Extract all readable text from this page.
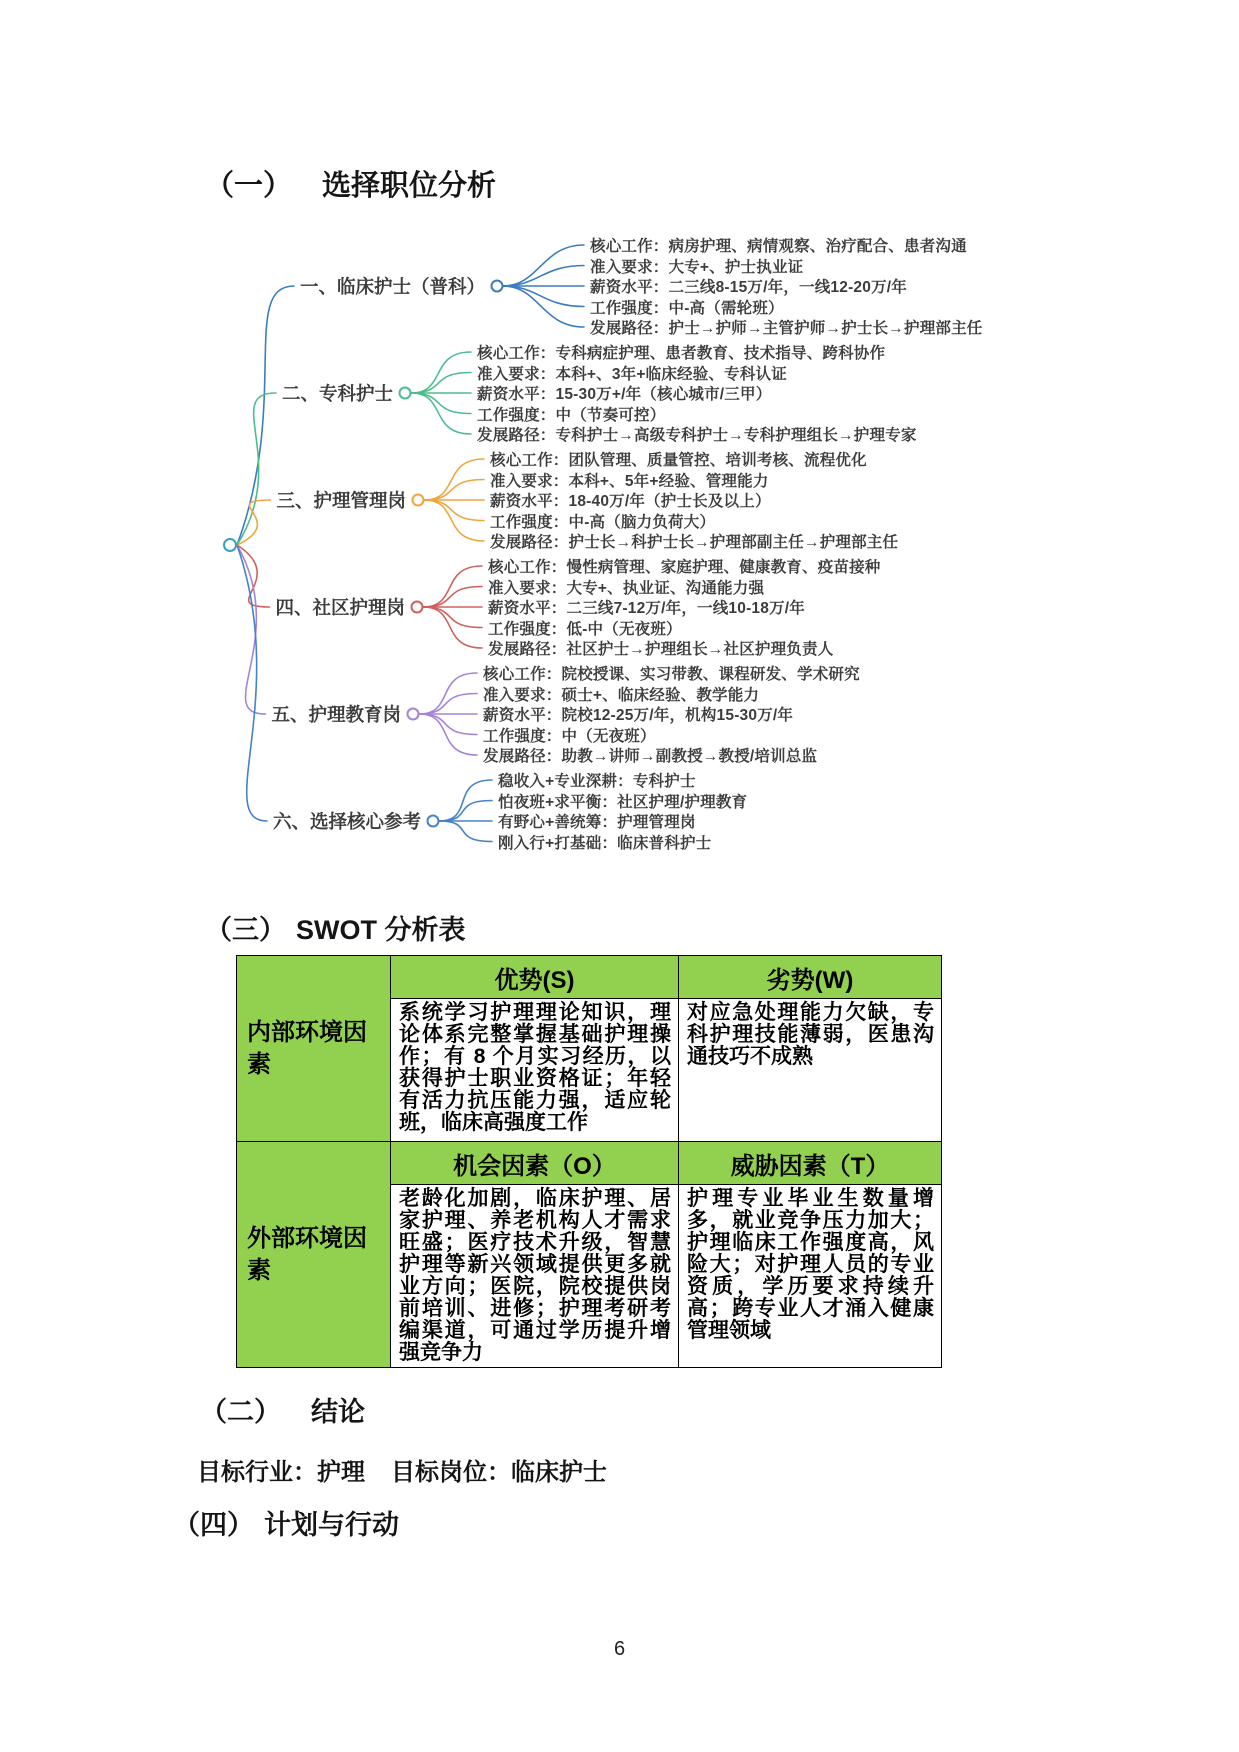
（一） 选择职位分析
一、临床护士（普科）
核心工作：病房护理、病情观察、治疗配合、患者沟通
准入要求：大专+、护士执业证
薪资水平：二三线8-15万/年，一线12-20万/年
工作强度：中-高（需轮班）
发展路径：护士→护师→主管护师→护士长→护理部主任
二、专科护士
核心工作：专科病症护理、患者教育、技术指导、跨科协作
准入要求：本科+、3年+临床经验、专科认证
薪资水平：15-30万+/年（核心城市/三甲）
工作强度：中（节奏可控）
发展路径：专科护士→高级专科护士→专科护理组长→护理专家
三、护理管理岗
核心工作：团队管理、质量管控、培训考核、流程优化
准入要求：本科+、5年+经验、管理能力
薪资水平：18-40万/年（护士长及以上）
工作强度：中-高（脑力负荷大）
发展路径：护士长→科护士长→护理部副主任→护理部主任
四、社区护理岗
核心工作：慢性病管理、家庭护理、健康教育、疫苗接种
准入要求：大专+、执业证、沟通能力强
薪资水平：二三线7-12万/年，一线10-18万/年
工作强度：低-中（无夜班）
发展路径：社区护士→护理组长→社区护理负责人
五、护理教育岗
核心工作：院校授课、实习带教、课程研发、学术研究
准入要求：硕士+、临床经验、教学能力
薪资水平：院校12-25万/年，机构15-30万/年
工作强度：中（无夜班）
发展路径：助教→讲师→副教授→教授/培训总监
六、选择核心参考
稳收入+专业深耕：专科护士
怕夜班+求平衡：社区护理/护理教育
有野心+善统筹：护理管理岗
刚入行+打基础：临床普科护士
（三） SWOT 分析表
内部环境因素	优势(S)	劣势(W)
	系统学习护理理论知识，理论体系完整掌握基础护理操作；有 8 个月实习经历，以获得护士职业资格证；年轻有活力抗压能力强，适应轮班，临床高强度工作	对应急处理能力欠缺，专科护理技能薄弱，医患沟通技巧不成熟
外部环境因素	机会因素（O）	威胁因素（T）
	老龄化加剧，临床护理、居家护理、养老机构人才需求旺盛；医疗技术升级，智慧护理等新兴领域提供更多就业方向；医院，院校提供岗前培训、进修；护理考研考编渠道，可通过学历提升增强竞争力	护理专业毕业生数量增多，就业竞争压力加大；护理临床工作强度高，风险大；对护理人员的专业资质，学历要求持续升高；跨专业人才涌入健康管理领域
（二） 结论
目标行业：护理 目标岗位：临床护士
（四） 计划与行动
6
